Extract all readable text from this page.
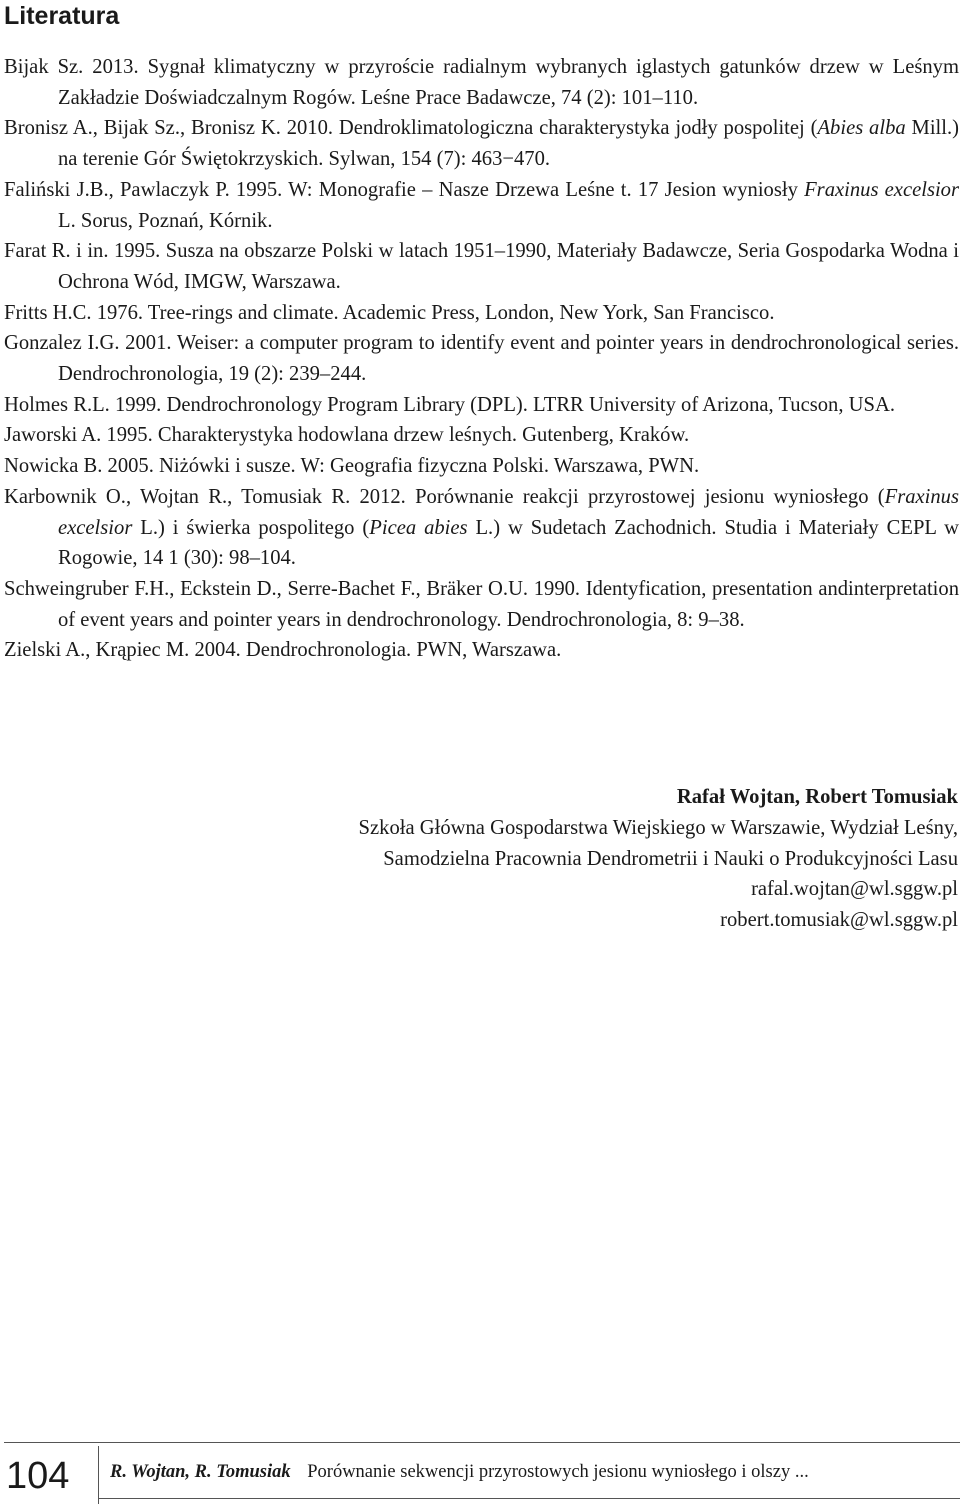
Literatura
Bijak Sz. 2013. Sygnał klimatyczny w przyroście radialnym wybranych iglastych gatunków drzew w Leśnym Zakładzie Doświadczalnym Rogów. Leśne Prace Badawcze, 74 (2): 101–110.
Bronisz A., Bijak Sz., Bronisz K. 2010. Dendroklimatologiczna charakterystyka jodły pospolitej (Abies alba Mill.) na terenie Gór Świętokrzyskich. Sylwan, 154 (7): 463−470.
Faliński J.B., Pawlaczyk P. 1995. W: Monografie – Nasze Drzewa Leśne t. 17 Jesion wyniosły Fraxinus excelsior L. Sorus, Poznań, Kórnik.
Farat R. i in. 1995. Susza na obszarze Polski w latach 1951–1990, Materiały Badawcze, Seria Gospodarka Wodna i Ochrona Wód, IMGW, Warszawa.
Fritts H.C. 1976. Tree-rings and climate. Academic Press, London, New York, San Francisco.
Gonzalez I.G. 2001. Weiser: a computer program to identify event and pointer years in dendrochronological series. Dendrochronologia, 19 (2): 239–244.
Holmes R.L. 1999. Dendrochronology Program Library (DPL). LTRR University of Arizona, Tucson, USA.
Jaworski A. 1995. Charakterystyka hodowlana drzew leśnych. Gutenberg, Kraków.
Nowicka B. 2005. Niżówki i susze. W: Geografia fizyczna Polski. Warszawa, PWN.
Karbownik O., Wojtan R., Tomusiak R. 2012. Porównanie reakcji przyrostowej jesionu wyniosłego (Fraxinus excelsior L.) i świerka pospolitego (Picea abies L.) w Sudetach Zachodnich. Studia i Materiały CEPL w Rogowie, 14 1 (30): 98–104.
Schweingruber F.H., Eckstein D., Serre-Bachet F., Bräker O.U. 1990. Identyfication, presentation andinterpretation of event years and pointer years in dendrochronology. Dendrochronologia, 8: 9–38.
Zielski A., Krąpiec M. 2004. Dendrochronologia. PWN, Warszawa.
Rafał Wojtan, Robert Tomusiak
Szkoła Główna Gospodarstwa Wiejskiego w Warszawie, Wydział Leśny,
Samodzielna Pracownia Dendrometrii i Nauki o Produkcyjności Lasu
rafal.wojtan@wl.sggw.pl
robert.tomusiak@wl.sggw.pl
104 R. Wojtan, R. Tomusiak Porównanie sekwencji przyrostowych jesionu wyniosłego i olszy ...
